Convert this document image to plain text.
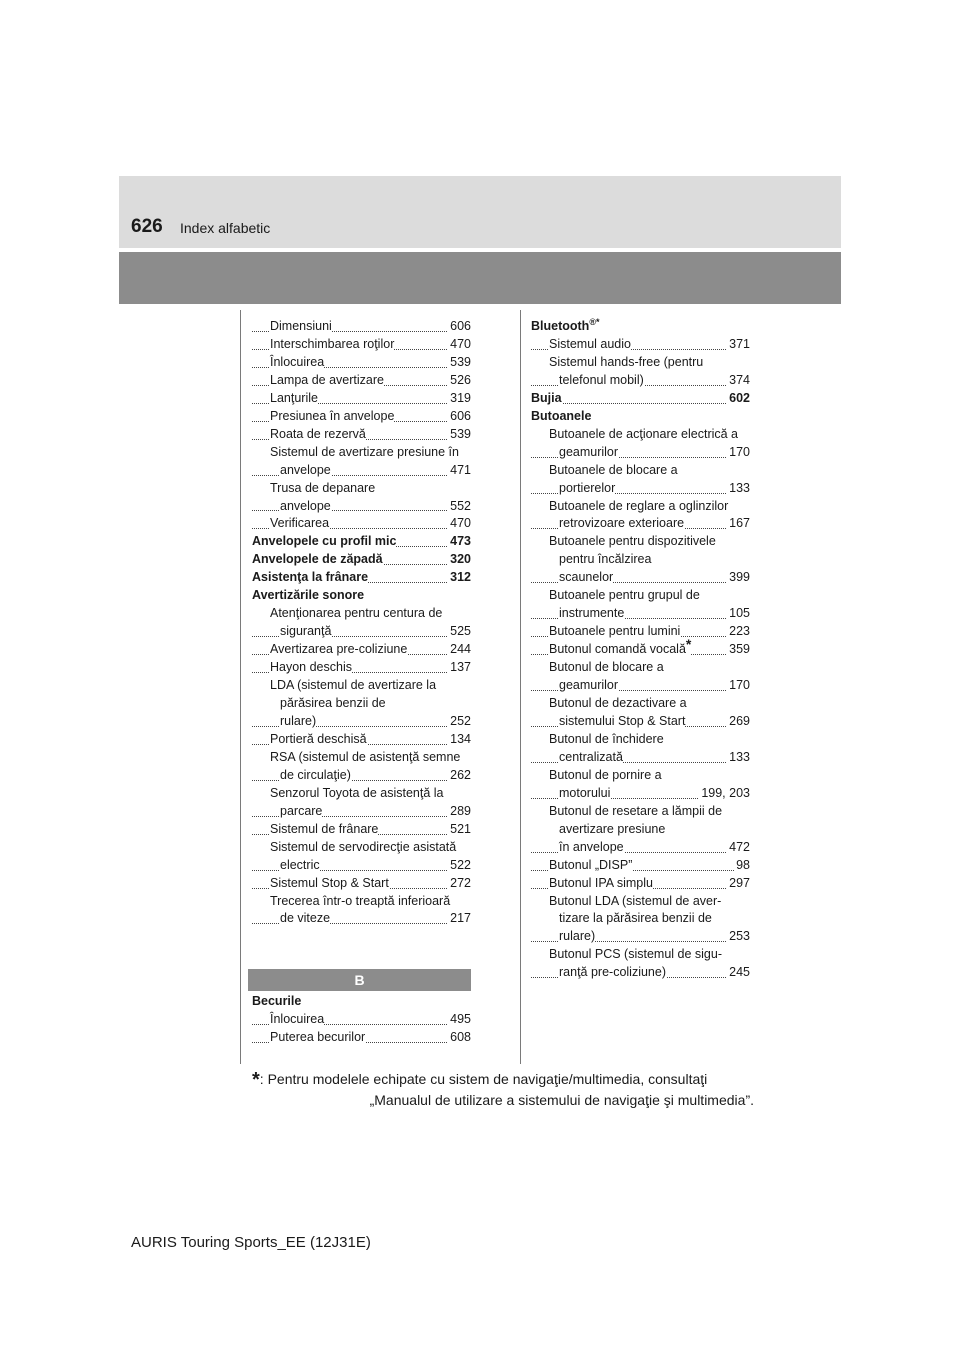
626 Index alfabetic
Dimensiuni	606
Interschimbarea roţilor	470
Înlocuirea	539
Lampa de avertizare	526
Lanţurile	319
Presiunea în anvelope	606
Roata de rezervă	539
Sistemul de avertizare presiune în
anvelope	471
Trusa de depanare
anvelope	552
Verificarea	470
Anvelopele cu profil mic	473
Anvelopele de zăpadă	320
Asistenţa la frânare	312
Avertizările sonore
Atenţionarea pentru centura de
siguranţă	525
Avertizarea pre-coliziune	244
Hayon deschis	137
LDA (sistemul de avertizare la
părăsirea benzii de
rulare)	252
Portieră deschisă	134
RSA (sistemul de asistenţă semne
de circulaţie)	262
Senzorul Toyota de asistenţă la
parcare	289
Sistemul de frânare	521
Sistemul de servodirecţie asistată
electric	522
Sistemul Stop & Start	272
Trecerea într-o treaptă inferioară
de viteze	217
B
Becurile
Înlocuirea	495
Puterea becurilor	608
Bluetooth®*
Sistemul audio	371
Sistemul hands-free (pentru
telefonul mobil)	374
Bujia	602
Butoanele
Butoanele de acţionare electrică a
geamurilor	170
Butoanele de blocare a
portierelor	133
Butoanele de reglare a oglinzilor
retrovizoare exterioare	167
Butoanele pentru dispozitivele
pentru încălzirea
scaunelor	399
Butoanele pentru grupul de
instrumente	105
Butoanele pentru lumini	223
Butonul comandă vocală*	359
Butonul de blocare a
geamurilor	170
Butonul de dezactivare a
sistemului Stop & Start	269
Butonul de închidere
centralizată	133
Butonul de pornire a
motorului	199, 203
Butonul de resetare a lămpii de
avertizare presiune
în anvelope	472
Butonul „DISP”	98
Butonul IPA simplu	297
Butonul LDA (sistemul de aver-
tizare la părăsirea benzii de
rulare)	253
Butonul PCS (sistemul de sigu-
ranţă pre-coliziune)	245
*: Pentru modelele echipate cu sistem de navigaţie/multimedia, consultaţi
„Manualul de utilizare a sistemului de navigaţie şi multimedia”.
AURIS Touring Sports_EE (12J31E)
